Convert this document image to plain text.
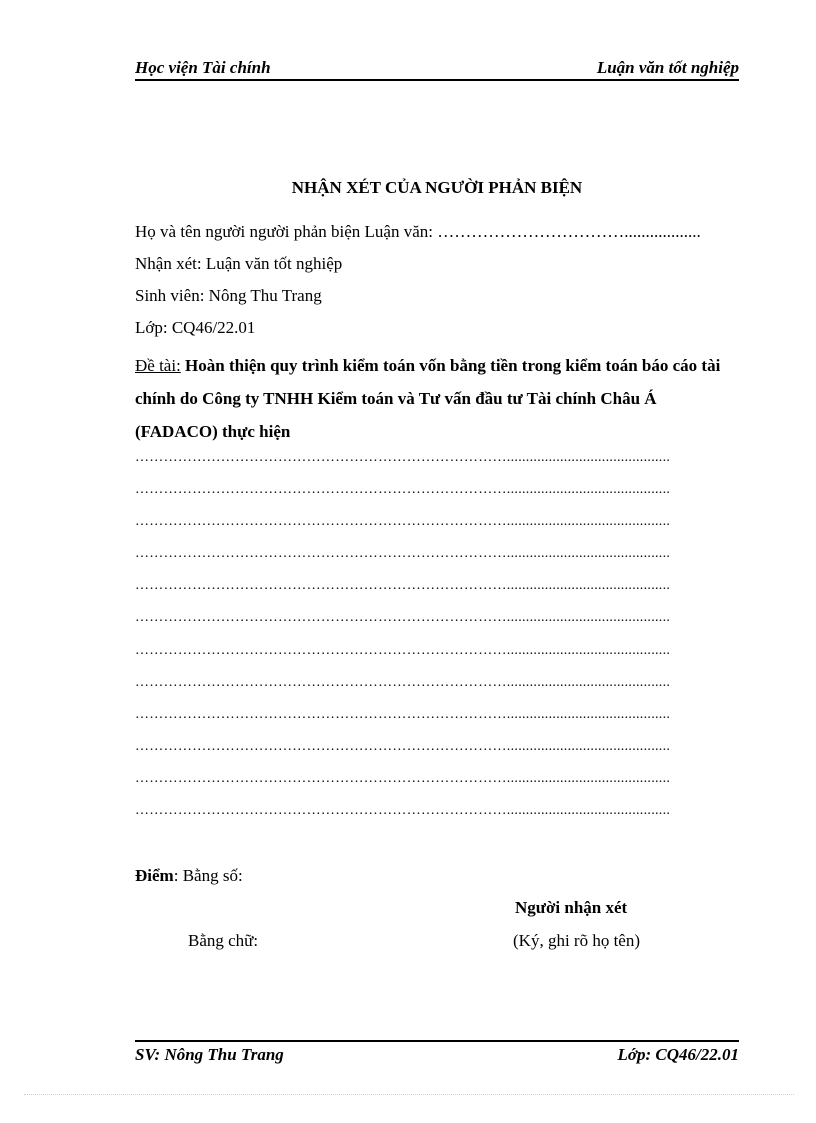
Học viện Tài chính	Luận văn tốt nghiệp
NHẬN XÉT CỦA NGƯỜI PHẢN BIỆN
Họ và tên người người phản biện Luận văn: ……………………………..................
Nhận xét: Luận văn tốt nghiệp
Sinh viên: Nông Thu Trang
Lớp: CQ46/22.01
Đề tài: Hoàn thiện quy trình kiểm toán vốn bằng tiền trong kiểm toán báo cáo tài chính do Công ty TNHH Kiểm toán và Tư vấn đầu tư Tài chính Châu Á (FADACO) thực hiện
……………………………………………………………………...........................................
……………………………………………………………………...........................................
……………………………………………………………………...........................................
……………………………………………………………………...........................................
……………………………………………………………………...........................................
……………………………………………………………………...........................................
……………………………………………………………………...........................................
……………………………………………………………………...........................................
……………………………………………………………………...........................................
……………………………………………………………………...........................................
……………………………………………………………………...........................................
……………………………………………………………………...........................................
Điểm: Bằng số:
Bằng chữ:
Người nhận xét
(Ký, ghi rõ họ tên)
SV: Nông Thu Trang	Lớp: CQ46/22.01
